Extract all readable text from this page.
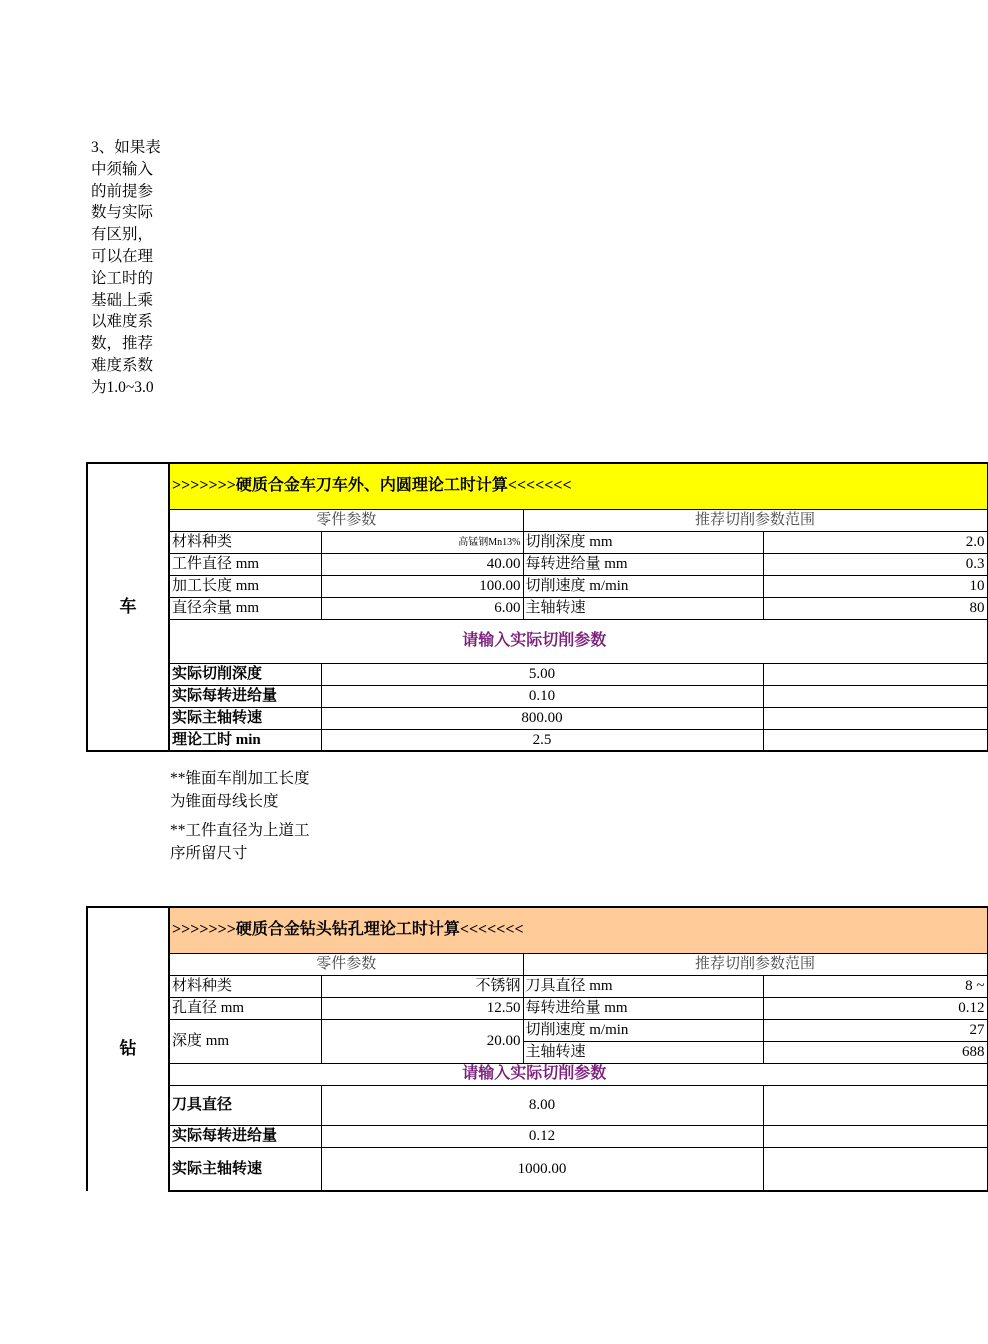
3、如果表中须输入的前提参数与实际有区别，可以在理论工时的基础上乘以难度系数，推荐难度系数为1.0~3.0
车	>>>>>>>硬质合金车刀车外、内圆理论工时计算<<<<<<<			
	零件参数		推荐切削参数范围	
	材料种类	高锰钢Mn13%	切削深度 mm	2.0
	工件直径 mm	40.00	每转进给量 mm	0.3
	加工长度 mm	100.00	切削速度 m/min	10
	直径余量 mm	6.00	主轴转速	80
	请输入实际切削参数			
	实际切削深度	5.00		
	实际每转进给量	0.10		
	实际主轴转速	800.00		
	理论工时 min	2.5		
**锥面车削加工长度为锥面母线长度
**工件直径为上道工序所留尺寸
钻	>>>>>>>硬质合金钻头钻孔理论工时计算<<<<<<<			
	零件参数		推荐切削参数范围	
	材料种类	不锈钢	刀具直径 mm	8 ~
	孔直径 mm	12.50	每转进给量 mm	0.12
	深度 mm	20.00	切削速度 m/min	27
			主轴转速	688
	请输入实际切削参数			
	刀具直径	8.00		
	实际每转进给量	0.12		
	实际主轴转速	1000.00		
